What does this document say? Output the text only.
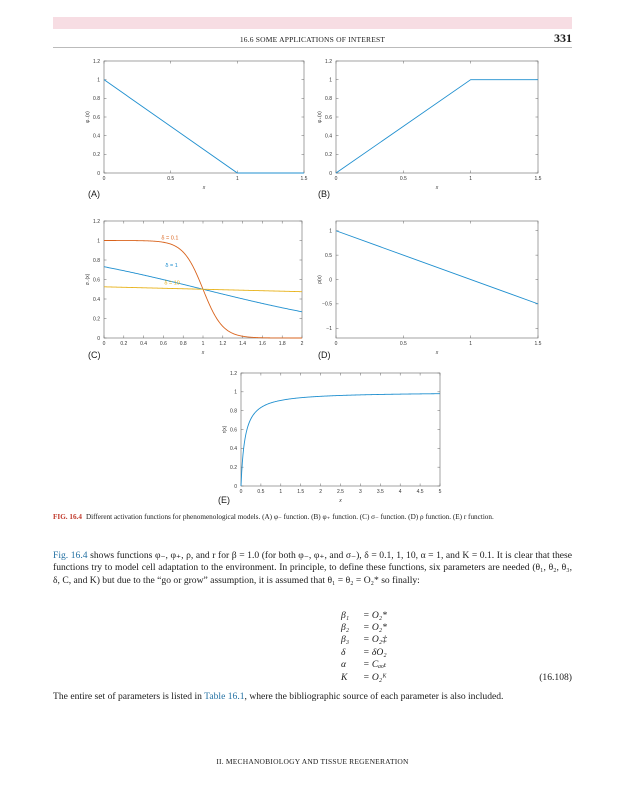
16.6 SOME APPLICATIONS OF INTEREST	331
0	0.5	1	1.5
0
0.2
0.4
0.6
0.8
1
1.2
x
φ₋(x)
0	0.5	1	1.5
0
0.2
0.4
0.6
0.8
1
1.2
x
φ₊(x)
0	0.2	0.4	0.6	0.8	1	1.2	1.4	1.6	1.8	2
0
0.2
0.4
0.6
0.8
1
1.2
x
σ₋(x)
δ = 0.1
δ = 1
δ = 10
0	0.5	1	1.5
−1
−0.5
0
0.5
1
x
ρ(x)
0	0.5	1	1.5	2	2.5	3	3.5	4	4.5	5
0
0.2
0.4
0.6
0.8
1
1.2
x
r(x)
(A)	(B)
(C)	(D)
(E)
FIG. 16.4 Different activation functions for phenomenological models. (A) φ₋ function. (B) φ₊ function. (C) σ₋ function. (D) ρ function. (E) r function.
Fig. 16.4 shows functions φ₋, φ₊, ρ, and r for β = 1.0 (for both φ₋, φ₊, and σ₋), δ = 0.1, 1, 10, α = 1, and K = 0.1. It is clear that these functions try to model cell adaptation to the environment. In principle, to define these functions, six parameters are needed (θ₁, θ₂, θ₃, δ, C, and K) but due to the “go or grow” assumption, it is assumed that θ₁ = θ₂ = O₂* so finally:
β₁ = O₂*
β₂ = O₂*
β₃ = O₂‡
δ = δO₂
α = Cₐₒₜ
K = O₂ᴷ	(16.108)
The entire set of parameters is listed in Table 16.1, where the bibliographic source of each parameter is also included.
II. MECHANOBIOLOGY AND TISSUE REGENERATION
